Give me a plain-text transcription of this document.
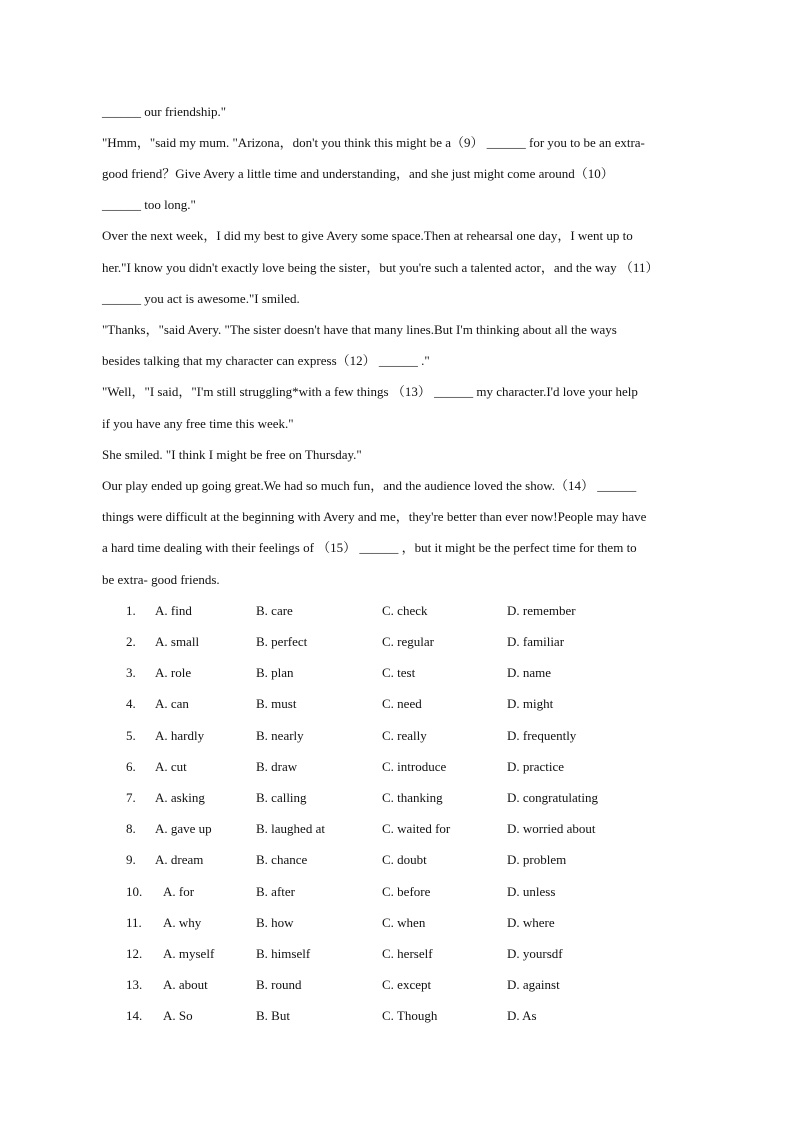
______ our friendship."
"Hmm，"said my mum. "Arizona，don't you think this might be a（9） ______ for you to be an extra-
good friend？Give Avery a little time and understanding，and she just might come around（10）
______ too long."
Over the next week，I did my best to give Avery some space.Then at rehearsal one day，I went up to
her."I know you didn't exactly love being the sister，but you're such a talented actor，and the way （11）
______ you act is awesome."I smiled.
"Thanks，"said Avery. "The sister doesn't have that many lines.But I'm thinking about all the ways
besides talking that my character can express（12） ______ ."
"Well，"I said，"I'm still struggling*with a few things （13） ______ my character.I'd love your help
if you have any free time this week."
She smiled. "I think I might be free on Thursday."
Our play ended up going great.We had so much fun，and the audience loved the show.（14） ______
things were difficult at the beginning with Avery and me，they're better than ever now!People may have
a hard time dealing with their feelings of （15） ______ ，but it might be the perfect time for them to
be extra- good friends.
1. A. find	B. care	C. check	D. remember
2. A. small	B. perfect	C. regular	D. familiar
3. A. role	B. plan	C. test	D. name
4. A. can	B. must	C. need	D. might
5. A. hardly	B. nearly	C. really	D. frequently
6. A. cut	B. draw	C. introduce	D. practice
7. A. asking	B. calling	C. thanking	D. congratulating
8. A. gave up	B. laughed at	C. waited for	D. worried about
9. A. dream	B. chance	C. doubt	D. problem
10. A. for	B. after	C. before	D. unless
11. A. why	B. how	C. when	D. where
12. A. myself	B. himself	C. herself	D. yoursdf
13. A. about	B. round	C. except	D. against
14. A. So	B. But	C. Though	D. As
